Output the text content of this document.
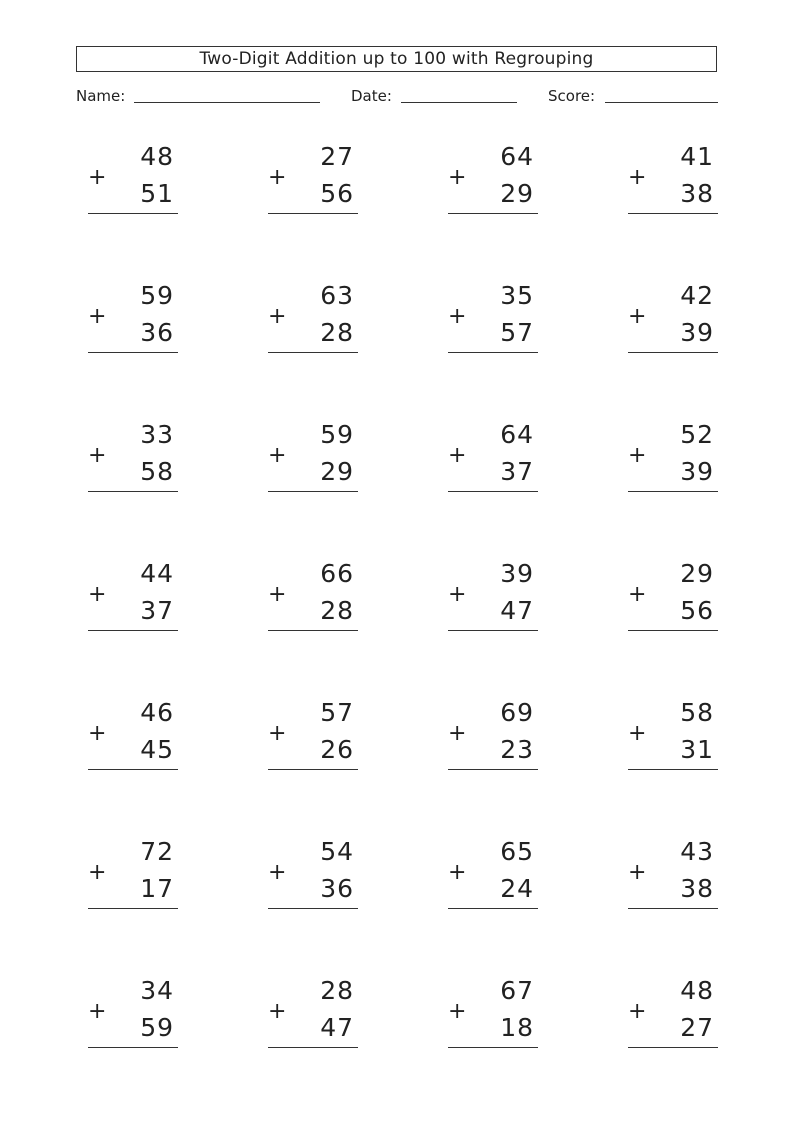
Two-Digit Addition up to 100 with Regrouping
Name:	Date:	Score:
+
48
51
+
27
56
+
64
29
+
41
38
+
59
36
+
63
28
+
35
57
+
42
39
+
33
58
+
59
29
+
64
37
+
52
39
+
44
37
+
66
28
+
39
47
+
29
56
+
46
45
+
57
26
+
69
23
+
58
31
+
72
17
+
54
36
+
65
24
+
43
38
+
34
59
+
28
47
+
67
18
+
48
27
